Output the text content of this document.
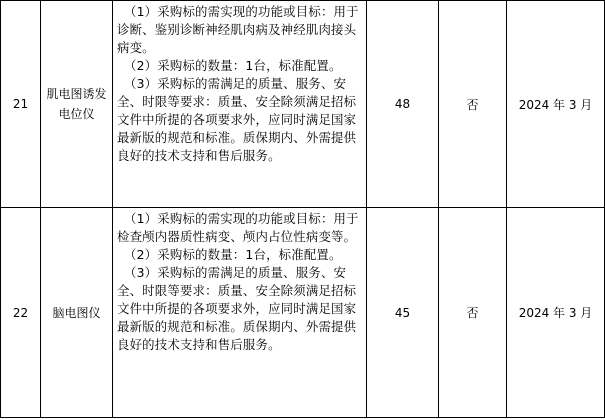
21	肌电图诱发电位仪	（1）采购标的需实现的功能或目标：用于诊断、鉴别诊断神经肌肉病及神经肌肉接头病变。

（2）采购标的数量：1台，标准配置。

（3）采购标的需满足的质量、服务、安全、时限等要求：质量、安全除须满足招标文件中所提的各项要求外，应同时满足国家最新版的规范和标准。质保期内、外需提供良好的技术支持和售后服务。	48	否	2024 年 3 月
22	脑电图仪	（1）采购标的需实现的功能或目标：用于检查颅内器质性病变、颅内占位性病变等。

（2）采购标的数量：1台，标准配置。

（3）采购标的需满足的质量、服务、安全、时限等要求：质量、安全除须满足招标文件中所提的各项要求外，应同时满足国家最新版的规范和标准。质保期内、外需提供良好的技术支持和售后服务。	45	否	2024 年 3 月
